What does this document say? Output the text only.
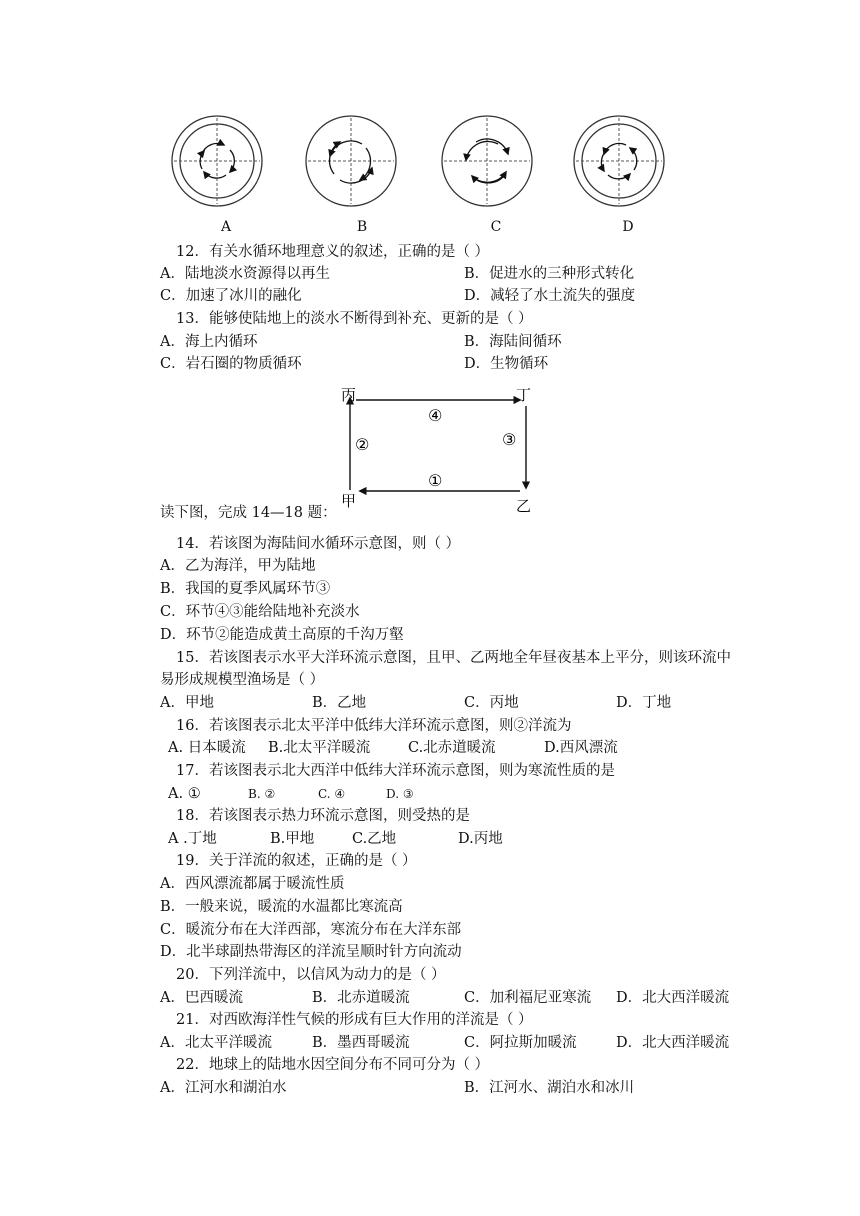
A	B	C	D
12．有关水循环地理意义的叙述，正确的是（ ）
A．陆地淡水资源得以再生	B．促进水的三种形式转化
C．加速了冰川的融化	D．减轻了水土流失的强度
13．能够使陆地上的淡水不断得到补充、更新的是（ ）
A．海上内循环	B．海陆间循环
C．岩石圈的物质循环	D．生物循环
丙	丁
甲	乙
④
②	③
①
读下图，完成 14—18 题：
14．若该图为海陆间水循环示意图，则（ ）
A．乙为海洋，甲为陆地
B．我国的夏季风属环节③
C．环节④③能给陆地补充淡水
D．环节②能造成黄土高原的千沟万壑
15．若该图表示水平大洋环流示意图，且甲、乙两地全年昼夜基本上平分，则该环流中
易形成规模型渔场是（ ）
A．甲地	B．乙地	C．丙地	D．丁地
16．若该图表示北太平洋中低纬大洋环流示意图，则②洋流为
A. 日本暖流 B.北太平洋暖流	C.北赤道暖流	D.西风漂流
17．若该图表示北大西洋中低纬大洋环流示意图，则为寒流性质的是
A. ①	B. ②	C. ④	D. ③
18．若该图表示热力环流示意图，则受热的是
A .丁地	B.甲地	C.乙地	D.丙地
19．关于洋流的叙述，正确的是（ ）
A．西风漂流都属于暖流性质
B．一般来说，暖流的水温都比寒流高
C．暖流分布在大洋西部，寒流分布在大洋东部
D．北半球副热带海区的洋流呈顺时针方向流动
20．下列洋流中，以信风为动力的是（ ）
A．巴西暖流	B．北赤道暖流	C．加利福尼亚寒流 D．北大西洋暖流
21．对西欧海洋性气候的形成有巨大作用的洋流是（ ）
A．北太平洋暖流	B．墨西哥暖流	C．阿拉斯加暖流	D．北大西洋暖流
22．地球上的陆地水因空间分布不同可分为（ ）
A．江河水和湖泊水	B．江河水、湖泊水和冰川
